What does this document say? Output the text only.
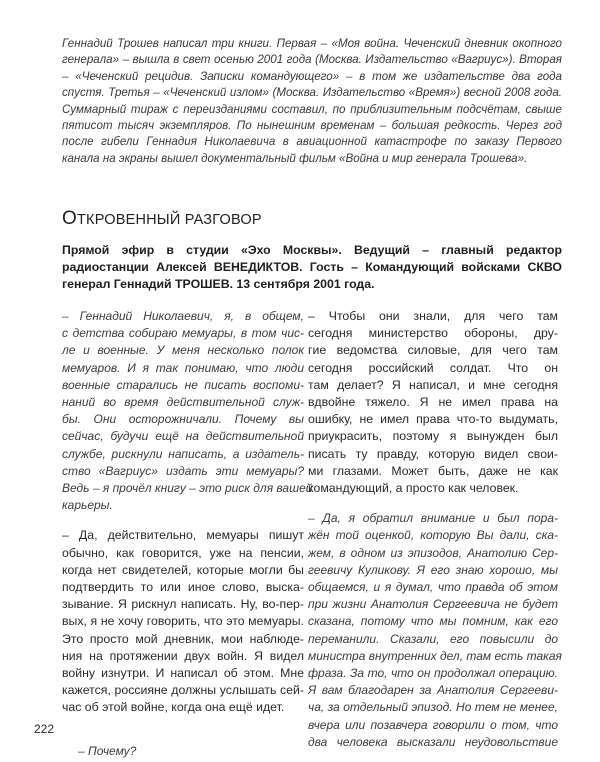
Геннадий Трошев написал три книги. Первая – «Моя война. Чеченский дневник окопного генерала» – вышла в свет осенью 2001 года (Москва. Издательство «Вагриус»). Вторая – «Чеченский рецидив. Записки командующего» – в том же издательстве два года спустя. Третья – «Чеченский излом» (Москва. Издательство «Время») весной 2008 года. Суммарный тираж с переизданиями составил, по приблизительным подсчётам, свыше пятисот тысяч экземпляров. По нынешним временам – большая редкость. Через год после гибели Геннадия Николаевича в авиационной катастрофе по заказу Первого канала на экраны вышел документальный фильм «Война и мир генерала Трошева».
ОТКРОВЕННЫЙ РАЗГОВОР
Прямой эфир в студии «Эхо Москвы». Ведущий – главный редактор радиостанции Алексей ВЕНЕДИКТОВ. Гость – Командующий войсками СКВО генерал Геннадий ТРОШЕВ. 13 сентября 2001 года.
– Геннадий Николаевич, я, в общем,
с детства собираю мемуары, в том чис-
ле и военные. У меня несколько полок
мемуаров. И я так понимаю, что люди
военные старались не писать воспоми-
наний во время действительной служ-
бы. Они осторожничали. Почему вы
сейчас, будучи ещё на действительной
службе, рискнули написать, а издатель-
ство «Вагриус» издать эти мемуары?
Ведь – я прочёл книгу – это риск для вашей
карьеры.
– Да, действительно, мемуары пишут
обычно, как говорится, уже на пенсии,
когда нет свидетелей, которые могли бы
подтвердить то или иное слово, выска-
зывание. Я рискнул написать. Ну, во-пер-
вых, я не хочу говорить, что это мемуары.
Это просто мой дневник, мои наблюде-
ния на протяжении двух войн. Я видел
войну изнутри. И написал об этом. Мне
кажется, россияне должны услышать сей-
час об этой войне, когда она ещё идет.
– Почему?
– Чтобы они знали, для чего там
сегодня министерство обороны, дру-
гие ведомства силовые, для чего там
сегодня российский солдат. Что он
там делает? Я написал, и мне сегодня
вдвойне тяжело. Я не имел права на
ошибку, не имел права что-то выдумать,
приукрасить, поэтому я вынужден был
писать ту правду, которую видел свои-
ми глазами. Может быть, даже не как
командующий, а просто как человек.
– Да, я обратил внимание и был пора-
жён той оценкой, которую Вы дали, ска-
жем, в одном из эпизодов, Анатолию Сер-
геевичу Куликову. Я его знаю хорошо, мы
общаемся, и я думал, что правда об этом
при жизни Анатолия Сергеевича не будет
сказана, потому что мы помним, как его
переманили. Сказали, его повысили до
министра внутренних дел, там есть такая
фраза. За то, что он продолжал операцию.
Я вам благодарен за Анатолия Сергееви-
ча, за отдельный эпизод. Но тем не менее,
вчера или позавчера говорили о том, что
два человека высказали неудовольствие
222
